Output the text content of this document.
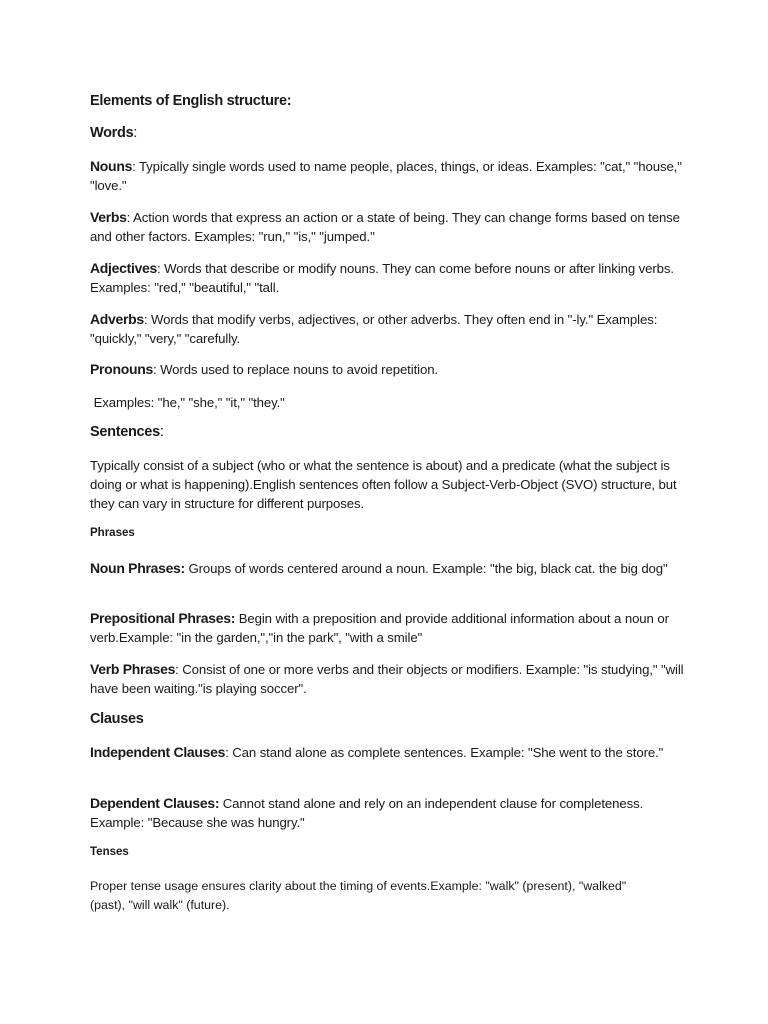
Elements of English structure:

Words:

Nouns: Typically single words used to name people, places, things, or ideas. Examples: "cat," "house," "love."

Verbs: Action words that express an action or a state of being. They can change forms based on tense and other factors. Examples: "run," "is," "jumped."

Adjectives: Words that describe or modify nouns. They can come before nouns or after linking verbs. Examples: "red," "beautiful," "tall.

Adverbs: Words that modify verbs, adjectives, or other adverbs. They often end in "-ly." Examples: "quickly," "very," "carefully.

Pronouns: Words used to replace nouns to avoid repetition.

Examples: "he," "she," "it," "they."

Sentences:

Typically consist of a subject (who or what the sentence is about) and a predicate (what the subject is doing or what is happening).English sentences often follow a Subject-Verb-Object (SVO) structure, but they can vary in structure for different purposes.

Phrases

Noun Phrases: Groups of words centered around a noun. Example: "the big, black cat. the big dog"

Prepositional Phrases: Begin with a preposition and provide additional information about a noun or verb.Example: "in the garden,","in the park", "with a smile"

Verb Phrases: Consist of one or more verbs and their objects or modifiers. Example: "is studying," "will have been waiting."is playing soccer".

Clauses

Independent Clauses: Can stand alone as complete sentences. Example: "She went to the store."

Dependent Clauses: Cannot stand alone and rely on an independent clause for completeness. Example: "Because she was hungry."

Tenses

Proper tense usage ensures clarity about the timing of events.Example: "walk" (present), "walked" (past), "will walk" (future).
